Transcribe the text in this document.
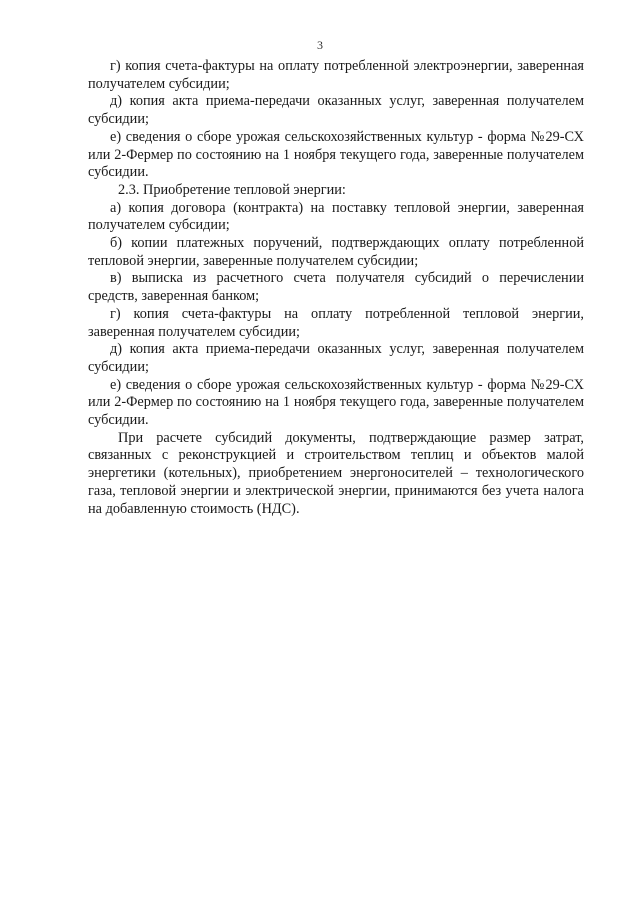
3

г) копия счета-фактуры на оплату потребленной электроэнергии, заверенная получателем субсидии;

д) копия акта приема-передачи оказанных услуг, заверенная получателем субсидии;

е) сведения о сборе урожая сельскохозяйственных культур - форма №29-СХ или 2-Фермер по состоянию на 1 ноября текущего года, заверенные получателем субсидии.

2.3. Приобретение тепловой энергии:

а) копия договора (контракта) на поставку тепловой энергии, заверенная получателем субсидии;

б) копии платежных поручений, подтверждающих оплату потребленной тепловой энергии, заверенные получателем субсидии;

в) выписка из расчетного счета получателя субсидий о перечислении средств, заверенная банком;

г) копия счета-фактуры на оплату потребленной тепловой энергии, заверенная получателем субсидии;

д) копия акта приема-передачи оказанных услуг, заверенная получателем субсидии;

е) сведения о сборе урожая сельскохозяйственных культур - форма №29-СХ или 2-Фермер по состоянию на 1 ноября текущего года, заверенные получателем субсидии.

При расчете субсидий документы, подтверждающие размер затрат, связанных с реконструкцией и строительством теплиц и объектов малой энергетики (котельных), приобретением энергоносителей – технологического газа, тепловой энергии и электрической энергии, принимаются без учета налога на добавленную стоимость (НДС).
